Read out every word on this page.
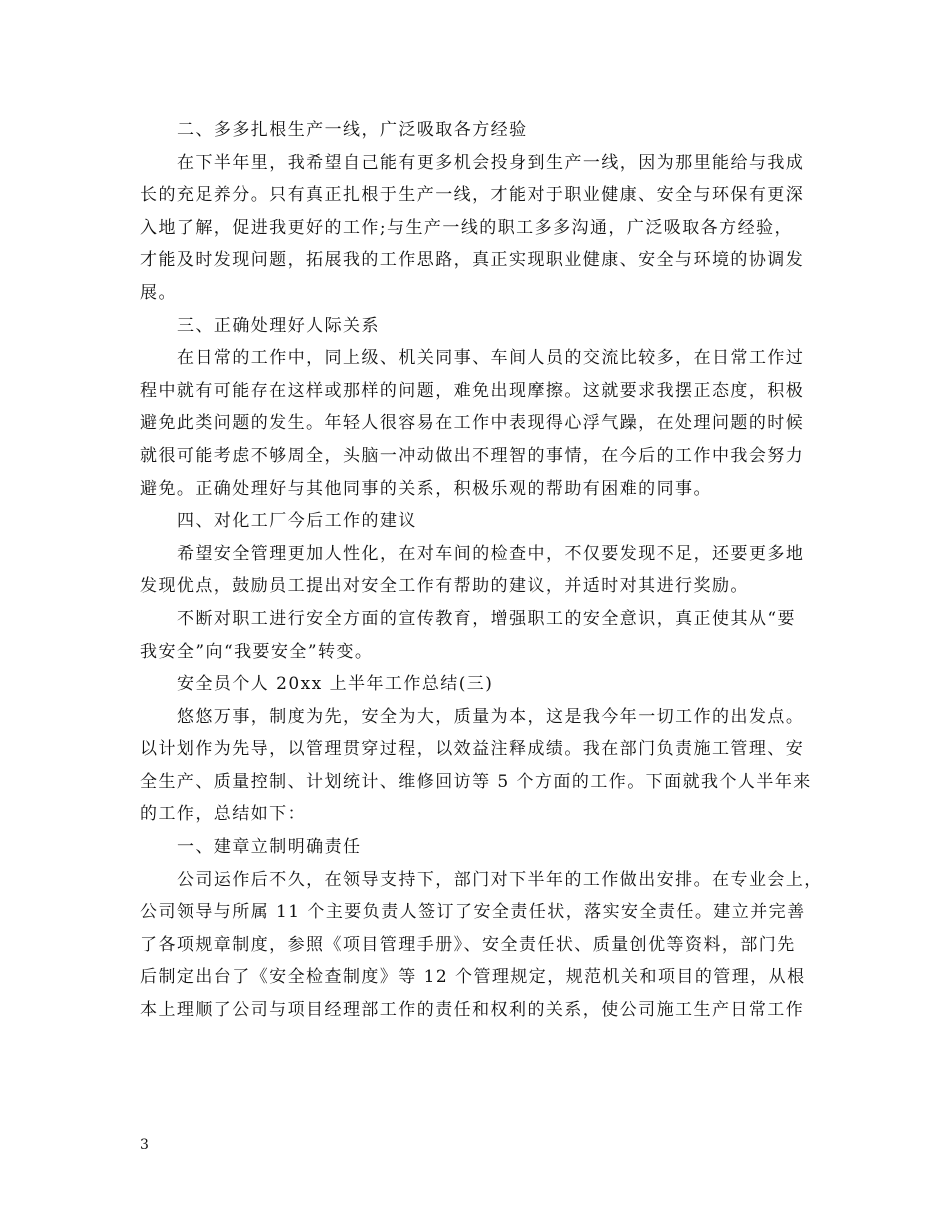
二、多多扎根生产一线，广泛吸取各方经验
在下半年里，我希望自己能有更多机会投身到生产一线，因为那里能给与我成
长的充足养分。只有真正扎根于生产一线，才能对于职业健康、安全与环保有更深
入地了解，促进我更好的工作;与生产一线的职工多多沟通，广泛吸取各方经验，
才能及时发现问题，拓展我的工作思路，真正实现职业健康、安全与环境的协调发
展。
三、正确处理好人际关系
在日常的工作中，同上级、机关同事、车间人员的交流比较多，在日常工作过
程中就有可能存在这样或那样的问题，难免出现摩擦。这就要求我摆正态度，积极
避免此类问题的发生。年轻人很容易在工作中表现得心浮气躁，在处理问题的时候
就很可能考虑不够周全，头脑一冲动做出不理智的事情，在今后的工作中我会努力
避免。正确处理好与其他同事的关系，积极乐观的帮助有困难的同事。
四、对化工厂今后工作的建议
希望安全管理更加人性化，在对车间的检查中，不仅要发现不足，还要更多地
发现优点，鼓励员工提出对安全工作有帮助的建议，并适时对其进行奖励。
不断对职工进行安全方面的宣传教育，增强职工的安全意识，真正使其从“要
我安全”向“我要安全”转变。
安全员个人 20xx 上半年工作总结(三)
悠悠万事，制度为先，安全为大，质量为本，这是我今年一切工作的出发点。
以计划作为先导，以管理贯穿过程，以效益注释成绩。我在部门负责施工管理、安
全生产、质量控制、计划统计、维修回访等 5 个方面的工作。下面就我个人半年来
的工作，总结如下：
一、建章立制明确责任
公司运作后不久，在领导支持下，部门对下半年的工作做出安排。在专业会上，
公司领导与所属 11 个主要负责人签订了安全责任状，落实安全责任。建立并完善
了各项规章制度，参照《项目管理手册》、安全责任状、质量创优等资料，部门先
后制定出台了《安全检查制度》等 12 个管理规定，规范机关和项目的管理，从根
本上理顺了公司与项目经理部工作的责任和权利的关系，使公司施工生产日常工作
3
